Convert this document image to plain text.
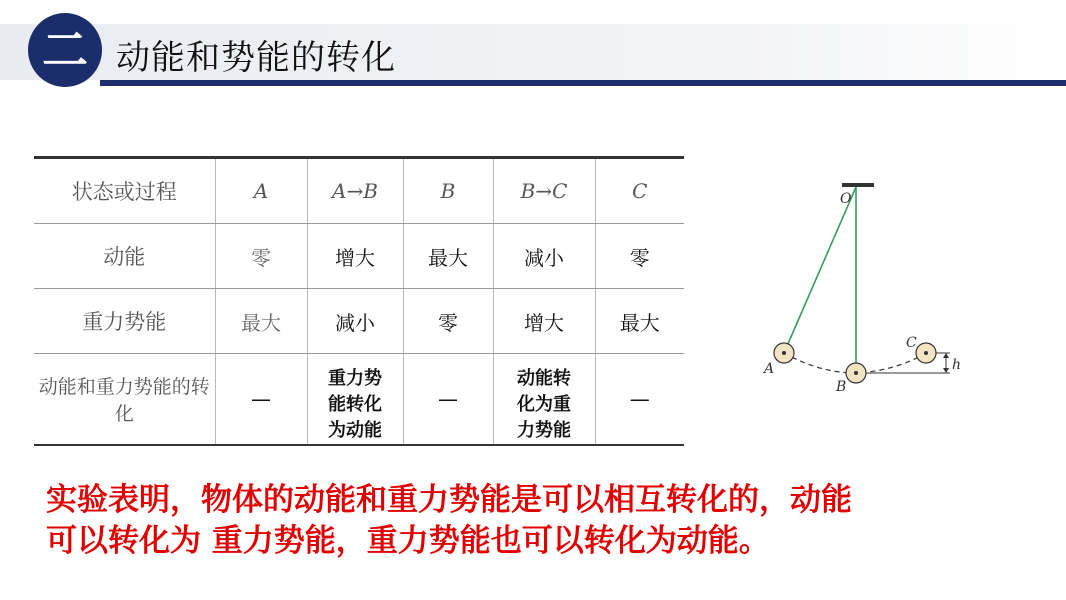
二 动能和势能的转化
状态或过程	A	A→B	B	B→C	C
动能	零	增大	最大	减小	零
重力势能	最大	减小	零	增大	最大
动能和重力势能的转化	—	重力势能转化为动能	—	动能转化为重力势能	—
O
A
B
C
h
实验表明，物体的动能和重力势能是可以相互转化的，动能
可以转化为 重力势能，重力势能也可以转化为动能。
